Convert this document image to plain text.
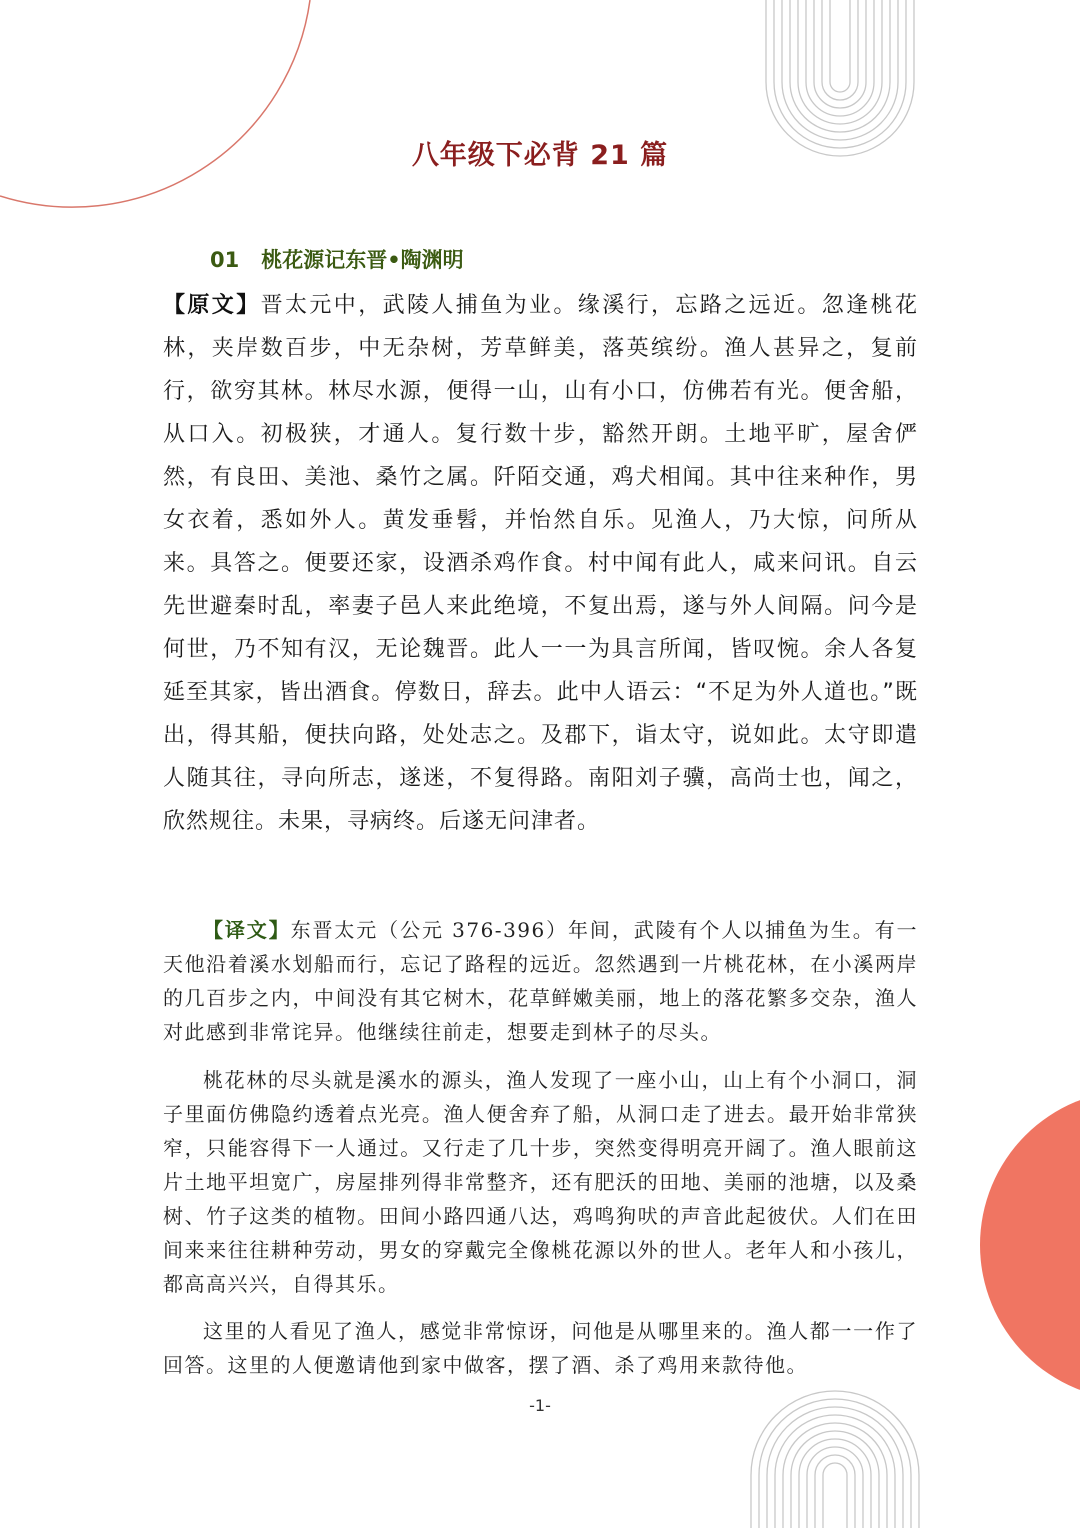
八年级下必背 21 篇
01 桃花源记东晋•陶渊明

【原文】晋太元中，武陵人捕鱼为业。缘溪行，忘路之远近。忽逢桃花林，夹岸数百步，中无杂树，芳草鲜美，落英缤纷。渔人甚异之，复前行，欲穷其林。林尽水源，便得一山，山有小口，仿佛若有光。便舍船，从口入。初极狭，才通人。复行数十步，豁然开朗。土地平旷，屋舍俨然，有良田、美池、桑竹之属。阡陌交通，鸡犬相闻。其中往来种作，男女衣着，悉如外人。黄发垂髫，并怡然自乐。见渔人，乃大惊，问所从来。具答之。便要还家，设酒杀鸡作食。村中闻有此人，咸来问讯。自云先世避秦时乱，率妻子邑人来此绝境，不复出焉，遂与外人间隔。问今是何世，乃不知有汉，无论魏晋。此人一一为具言所闻，皆叹惋。余人各复延至其家，皆出酒食。停数日，辞去。此中人语云：“不足为外人道也。”既出，得其船，便扶向路，处处志之。及郡下，诣太守，说如此。太守即遣人随其往，寻向所志，遂迷，不复得路。南阳刘子骥，高尚士也，闻之，欣然规往。未果，寻病终。后遂无问津者。

【译文】东晋太元（公元 376-396）年间，武陵有个人以捕鱼为生。有一天他沿着溪水划船而行，忘记了路程的远近。忽然遇到一片桃花林，在小溪两岸的几百步之内，中间没有其它树木，花草鲜嫩美丽，地上的落花繁多交杂，渔人对此感到非常诧异。他继续往前走，想要走到林子的尽头。

桃花林的尽头就是溪水的源头，渔人发现了一座小山，山上有个小洞口，洞子里面仿佛隐约透着点光亮。渔人便舍弃了船，从洞口走了进去。最开始非常狭窄，只能容得下一人通过。又行走了几十步，突然变得明亮开阔了。渔人眼前这片土地平坦宽广，房屋排列得非常整齐，还有肥沃的田地、美丽的池塘，以及桑树、竹子这类的植物。田间小路四通八达，鸡鸣狗吠的声音此起彼伏。人们在田间来来往往耕种劳动，男女的穿戴完全像桃花源以外的世人。老年人和小孩儿，都高高兴兴，自得其乐。

这里的人看见了渔人，感觉非常惊讶，问他是从哪里来的。渔人都一一作了回答。这里的人便邀请他到家中做客，摆了酒、杀了鸡用来款待他。

-1-
